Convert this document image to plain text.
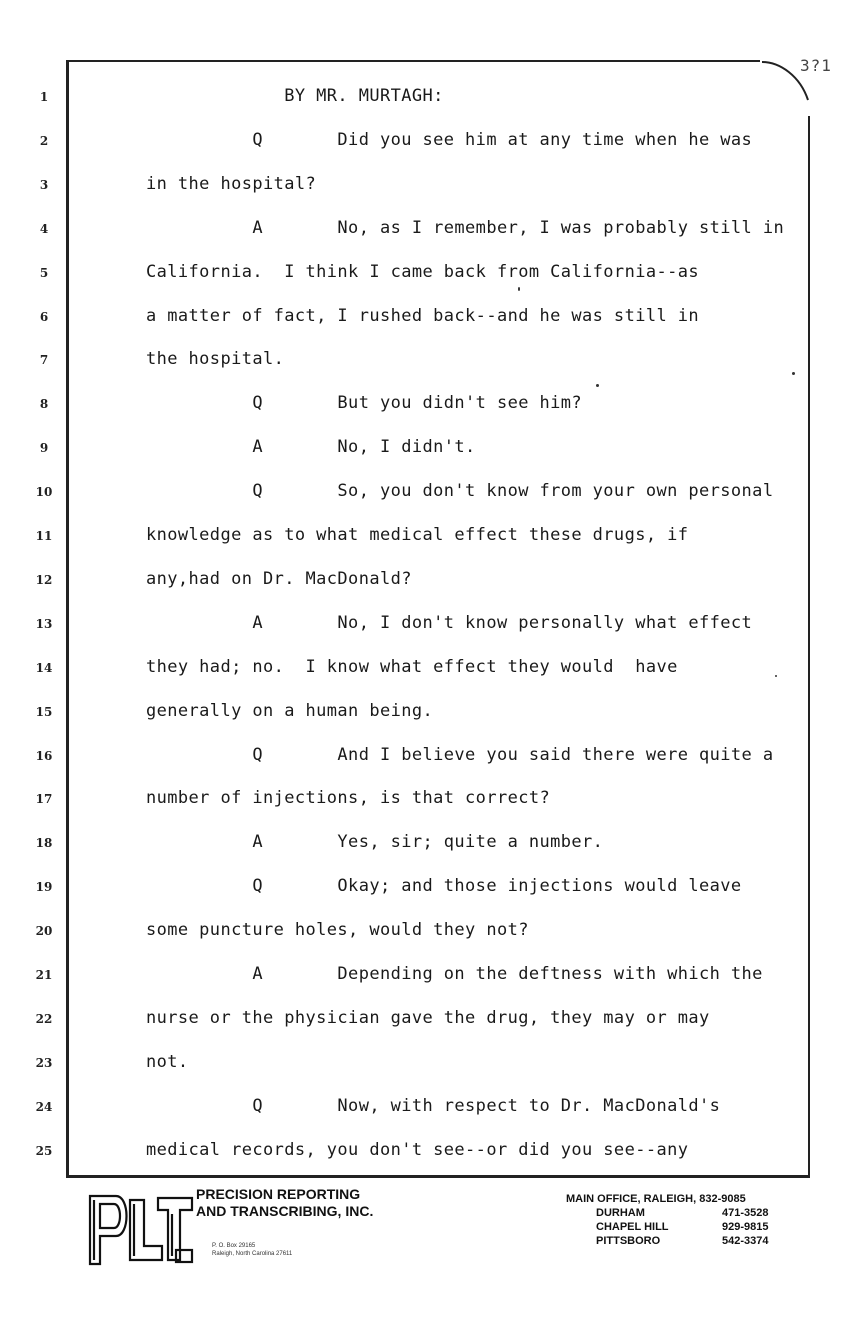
3?1
1	BY MR. MURTAGH:
2	Q       Did you see him at any time when he was
3	in the hospital?
4	A       No, as I remember, I was probably still in
5	California.  I think I came back from California--as
6	a matter of fact, I rushed back--and he was still in
7	the hospital.
8	Q       But you didn't see him?
9	A       No, I didn't.
10	Q       So, you don't know from your own personal
11	knowledge as to what medical effect these drugs, if
12	any,had on Dr. MacDonald?
13	A       No, I don't know personally what effect
14	they had; no.  I know what effect they would  have
15	generally on a human being.
16	Q       And I believe you said there were quite a
17	number of injections, is that correct?
18	A       Yes, sir; quite a number.
19	Q       Okay; and those injections would leave
20	some puncture holes, would they not?
21	A       Depending on the deftness with which the
22	nurse or the physician gave the drug, they may or may
23	not.
24	Q       Now, with respect to Dr. MacDonald's
25	medical records, you don't see--or did you see--any
PRECISION REPORTING
AND TRANSCRIBING, INC.
P. O. Box 29165
Raleigh, North Carolina 27611
MAIN OFFICE, RALEIGH , 832-9085
DURHAM	471-3528
CHAPEL HILL	929-9815
PITTSBORO	542-3374
